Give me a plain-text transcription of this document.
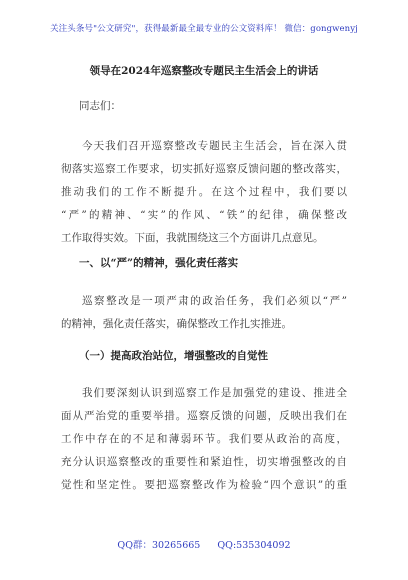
关注头条号"公文研究"，获得最新最全最专业的公文资料库！ 微信：gongwenyj
领导在2024年巡察整改专题民主生活会上的讲话
同志们：
今天我们召开巡察整改专题民主生活会，旨在深入贯
彻落实巡察工作要求，切实抓好巡察反馈问题的整改落实，
推动我们的工作不断提升。在这个过程中，我们要以
“严”的精神、“实”的作风、“铁”的纪律，确保整改
工作取得实效。下面，我就围绕这三个方面讲几点意见。
一、以“严”的精神，强化责任落实
巡察整改是一项严肃的政治任务，我们必须以“严”
的精神，强化责任落实，确保整改工作扎实推进。
（一）提高政治站位，增强整改的自觉性
我们要深刻认识到巡察工作是加强党的建设、推进全
面从严治党的重要举措。巡察反馈的问题，反映出我们在
工作中存在的不足和薄弱环节。我们要从政治的高度，
充分认识巡察整改的重要性和紧迫性，切实增强整改的自
觉性和坚定性。要把巡察整改作为检验“四个意识”的重
QQ群：30265665 QQ:535304092
